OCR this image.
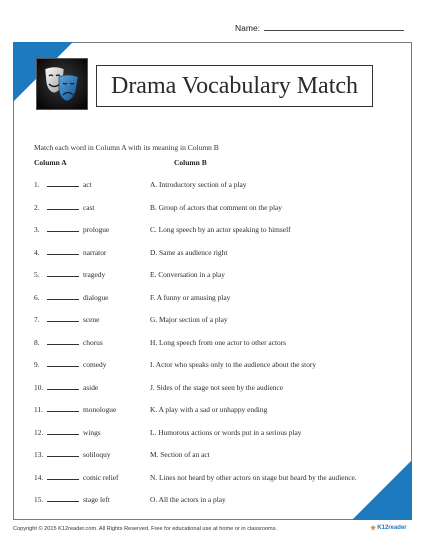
Name:
Drama Vocabulary Match
Match each word in Column A with its meaning in Column B
Column A	Column B
1.	act	A. Introductory section of a play
2.	cast	B. Group of actors that comment on the play
3.	prologue	C. Long speech by an actor speaking to himself
4.	narrator	D. Same as audience right
5.	tragedy	E. Conversation in a play
6.	dialogue	F. A funny or amusing play
7.	scene	G. Major section of a play
8.	chorus	H. Long speech from one actor to other actors
9.	comedy	I. Actor who speaks only to the audience about the story
10.	aside	J. Sides of the stage not seen by the audience
11.	monologue	K. A play with a sad or unhappy ending
12.	wings	L. Humorous actions or words put in a serious play
13.	soliloquy	M. Section of an act
14.	comic relief	N. Lines not heard by other actors on stage but heard by the audience.
15.	stage left	O. All the actors in a play
Copyright © 2015 K12reader.com. All Rights Reserved. Free for educational use at home or in classrooms.	★ K12reader
